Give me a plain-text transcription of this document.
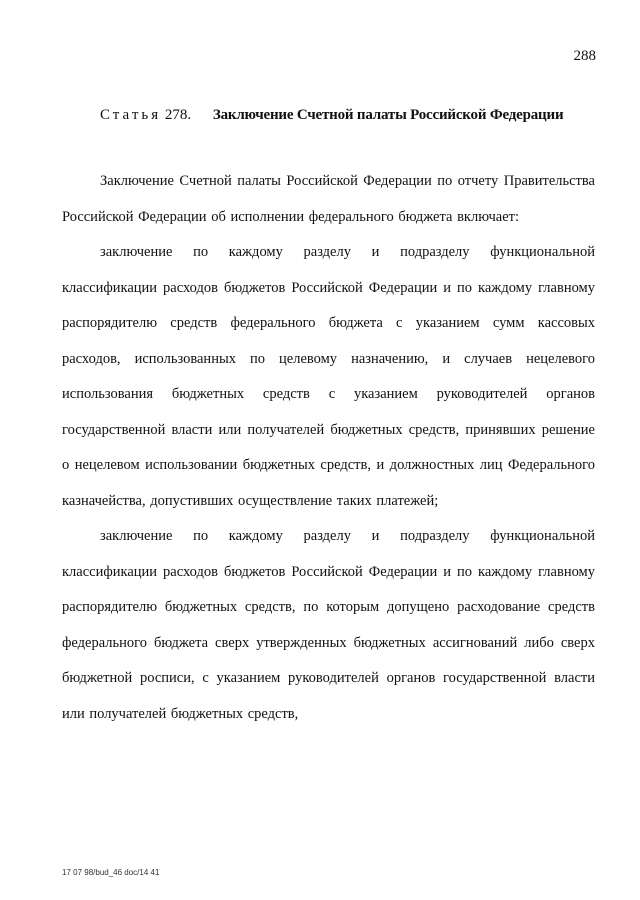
288
Статья 278. Заключение Счетной палаты Российской Федерации

Заключение Счетной палаты Российской Федерации по отчету Правительства Российской Федерации об исполнении федерального бюджета включает:

заключение по каждому разделу и подразделу функциональной классификации расходов бюджетов Российской Федерации и по каждому главному распорядителю средств федерального бюджета с указанием сумм кассовых расходов, использованных по целевому назначению, и случаев нецелевого использования бюджетных средств с указанием руководителей органов государственной власти или получателей бюджетных средств, принявших решение о нецелевом использовании бюджетных средств, и должностных лиц Федерального казначейства, допустивших осуществление таких платежей;

заключение по каждому разделу и подразделу функциональной классификации расходов бюджетов Российской Федерации и по каждому главному распорядителю бюджетных средств, по которым допущено расходование средств федерального бюджета сверх утвержденных бюджетных ассигнований либо сверх бюджетной росписи, с указанием руководителей органов государственной власти или получателей бюджетных средств,

17 07 98/bud_46 doc/14 41
